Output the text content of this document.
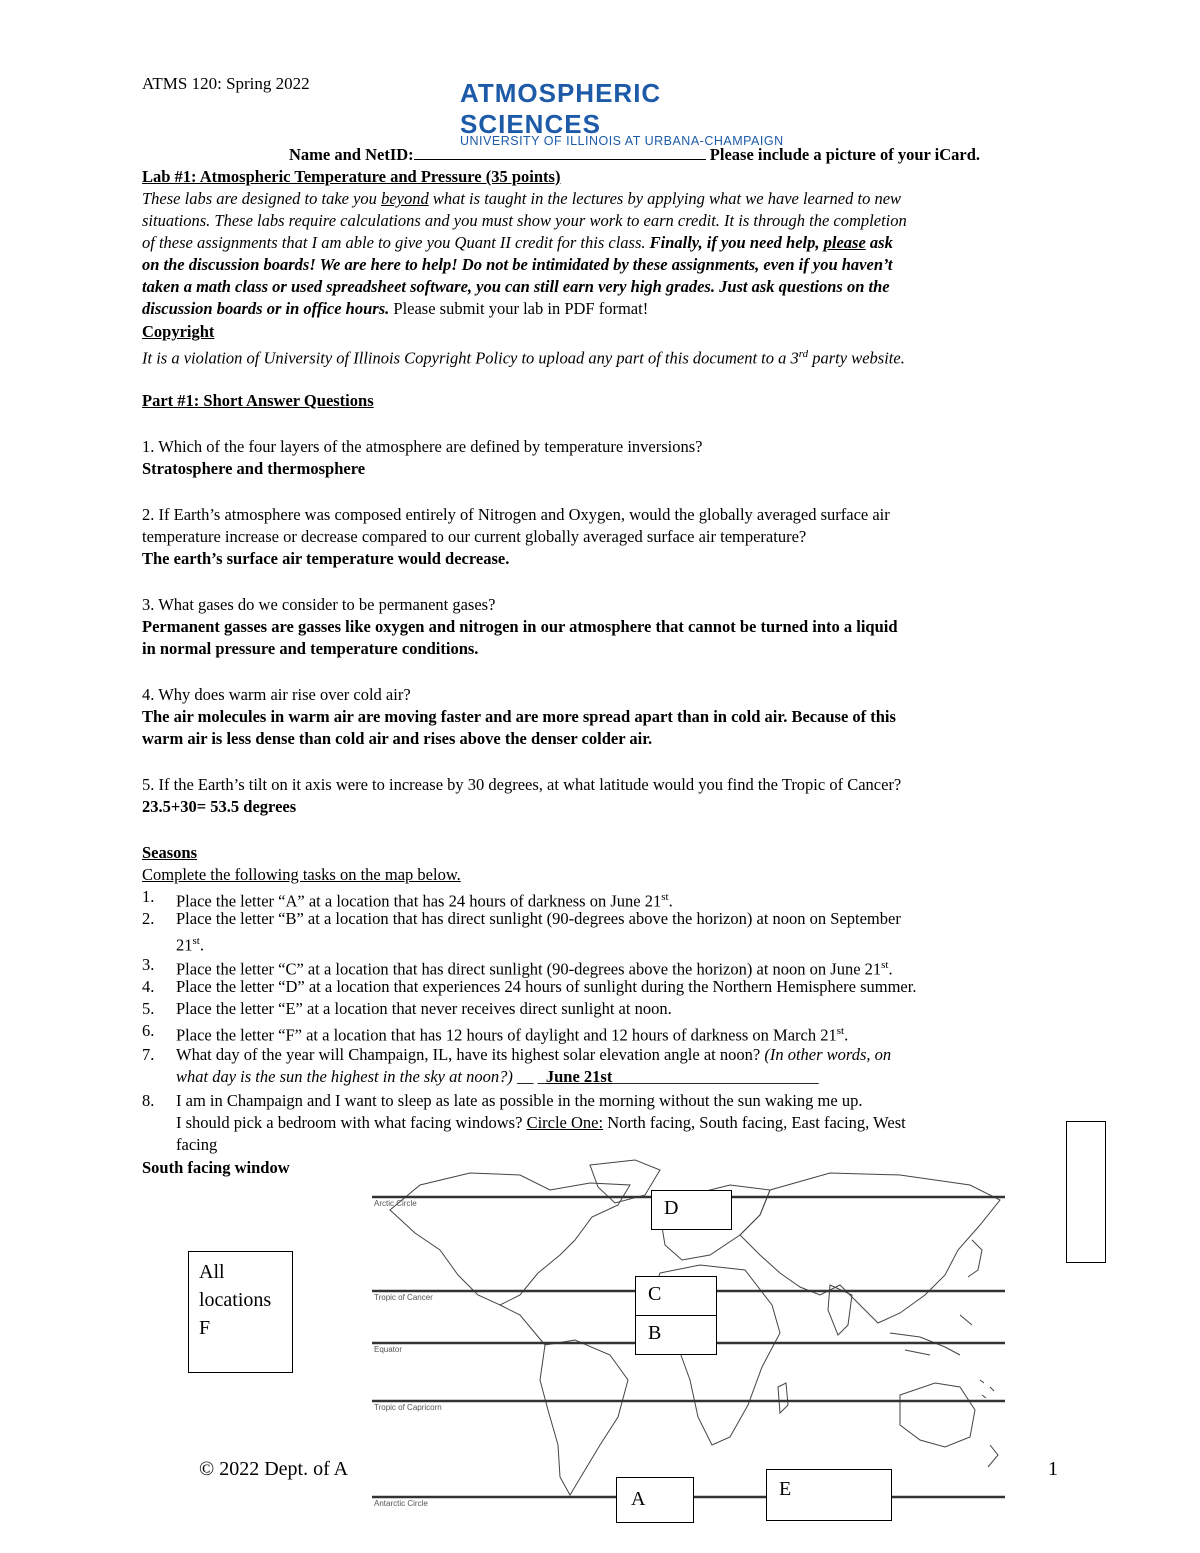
ATMS 120: Spring 2022	ATMOSPHERIC SCIENCES
UNIVERSITY OF ILLINOIS AT URBANA-CHAMPAIGN
Name and NetID:	Please include a picture of your iCard.
Lab #1: Atmospheric Temperature and Pressure (35 points)
These labs are designed to take you beyond what is taught in the lectures by applying what we have learned to new
situations. These labs require calculations and you must show your work to earn credit. It is through the completion
of these assignments that I am able to give you Quant II credit for this class. Finally, if you need help, please ask
on the discussion boards! We are here to help! Do not be intimidated by these assignments, even if you haven’t
taken a math class or used spreadsheet software, you can still earn very high grades. Just ask questions on the
discussion boards or in office hours. Please submit your lab in PDF format!
Copyright
It is a violation of University of Illinois Copyright Policy to upload any part of this document to a 3rd party website.
Part #1: Short Answer Questions
1. Which of the four layers of the atmosphere are defined by temperature inversions?
Stratosphere and thermosphere
2. If Earth’s atmosphere was composed entirely of Nitrogen and Oxygen, would the globally averaged surface air
temperature increase or decrease compared to our current globally averaged surface air temperature?
The earth’s surface air temperature would decrease.
3. What gases do we consider to be permanent gases?
Permanent gasses are gasses like oxygen and nitrogen in our atmosphere that cannot be turned into a liquid
in normal pressure and temperature conditions.
4. Why does warm air rise over cold air?
The air molecules in warm air are moving faster and are more spread apart than in cold air. Because of this
warm air is less dense than cold air and rises above the denser colder air.
5. If the Earth’s tilt on it axis were to increase by 30 degrees, at what latitude would you find the Tropic of Cancer?
23.5+30= 53.5 degrees
Seasons
Complete the following tasks on the map below.
1. Place the letter “A” at a location that has 24 hours of darkness on June 21st.
2. Place the letter “B” at a location that has direct sunlight (90-degrees above the horizon) at noon on September
21st.
3. Place the letter “C” at a location that has direct sunlight (90-degrees above the horizon) at noon on June 21st.
4. Place the letter “D” at a location that experiences 24 hours of sunlight during the Northern Hemisphere summer.
5. Place the letter “E” at a location that never receives direct sunlight at noon.
6. Place the letter “F” at a location that has 12 hours of daylight and 12 hours of darkness on March 21st.
7. What day of the year will Champaign, IL, have its highest solar elevation angle at noon? (In other words, on
what day is the sun the highest in the sky at noon?) __ _June 21st_________________________
8. I am in Champaign and I want to sleep as late as possible in the morning without the sun waking me up.
I should pick a bedroom with what facing windows? Circle One: North facing, South facing, East facing, West
facing
South facing window
Arctic Circle
Tropic of Cancer
Equator
Tropic of Capricorn
Antarctic Circle
All locations F
D
C
B
A	E
© 2022 Dept. of A	1
